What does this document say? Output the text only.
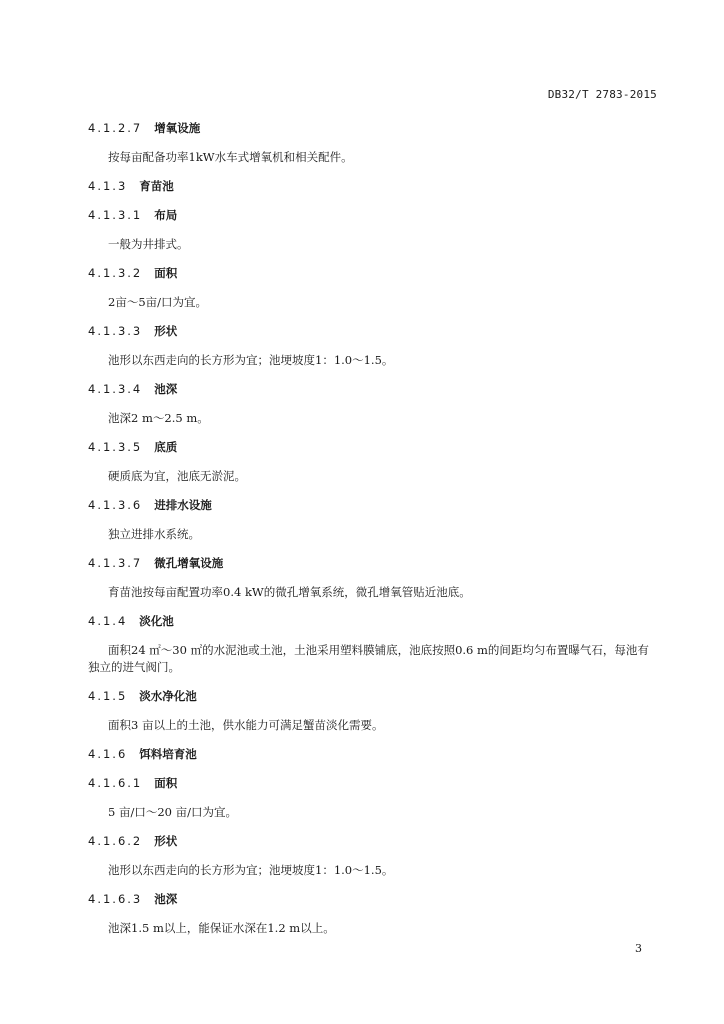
DB32/T 2783-2015
4.1.2.7 增氧设施

按每亩配备功率1kW水车式增氧机和相关配件。

4.1.3 育苗池
4.1.3.1 布局

一般为井排式。

4.1.3.2 面积

2亩～5亩/口为宜。

4.1.3.3 形状

池形以东西走向的长方形为宜；池埂坡度1：1.0～1.5。

4.1.3.4 池深

池深2 m～2.5 m。

4.1.3.5 底质

硬质底为宜，池底无淤泥。

4.1.3.6 进排水设施

独立进排水系统。

4.1.3.7 微孔增氧设施

育苗池按每亩配置功率0.4 kW的微孔增氧系统，微孔增氧管贴近池底。

4.1.4 淡化池

面积24 ㎡～30 ㎡的水泥池或土池，土池采用塑料膜铺底，池底按照0.6 m的间距均匀布置曝气石，每池有独立的进气阀门。

4.1.5 淡水净化池

面积3 亩以上的土池，供水能力可满足蟹苗淡化需要。

4.1.6 饵料培育池
4.1.6.1 面积

5 亩/口～20 亩/口为宜。

4.1.6.2 形状

池形以东西走向的长方形为宜；池埂坡度1：1.0～1.5。

4.1.6.3 池深

池深1.5 m以上，能保证水深在1.2 m以上。

3
